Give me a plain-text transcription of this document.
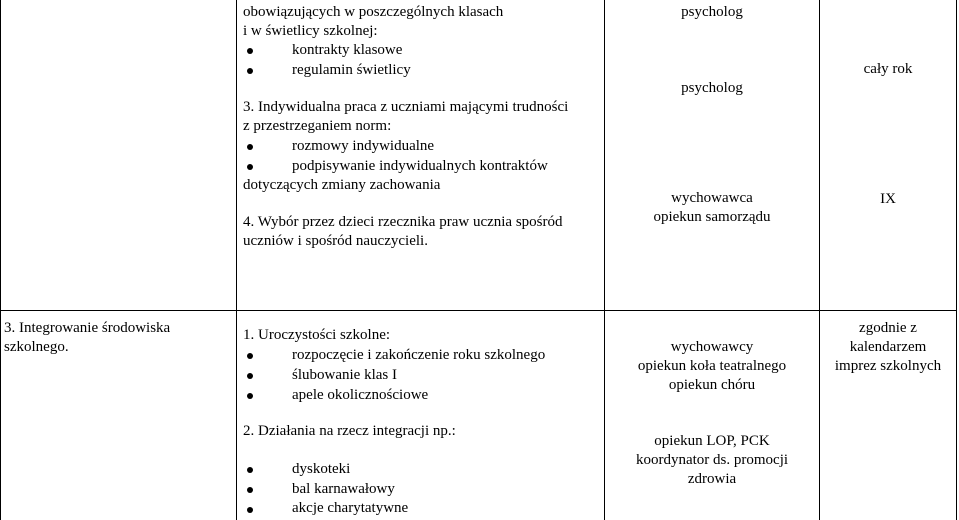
obowiązujących w poszczególnych klasach
i w świetlicy szkolnej:
kontrakty klasowe
regulamin świetlicy
3. Indywidualna praca z uczniami mającymi trudności
z przestrzeganiem norm:
rozmowy indywidualne
podpisywanie indywidualnych kontraktów
dotyczących zmiany zachowania
4. Wybór przez dzieci rzecznika praw ucznia spośród
uczniów i spośród nauczycieli.
psycholog
psycholog
wychowawca
opiekun samorządu
cały rok
IX
3. Integrowanie środowiska
szkolnego.
1. Uroczystości szkolne:
rozpoczęcie i zakończenie roku szkolnego
ślubowanie klas I
apele okolicznościowe
2. Działania na rzecz integracji np.:
dyskoteki
bal karnawałowy
akcje charytatywne
wychowawcy
opiekun koła teatralnego
opiekun chóru
opiekun LOP, PCK
koordynator ds. promocji
zdrowia
zgodnie z
kalendarzem
imprez szkolnych
